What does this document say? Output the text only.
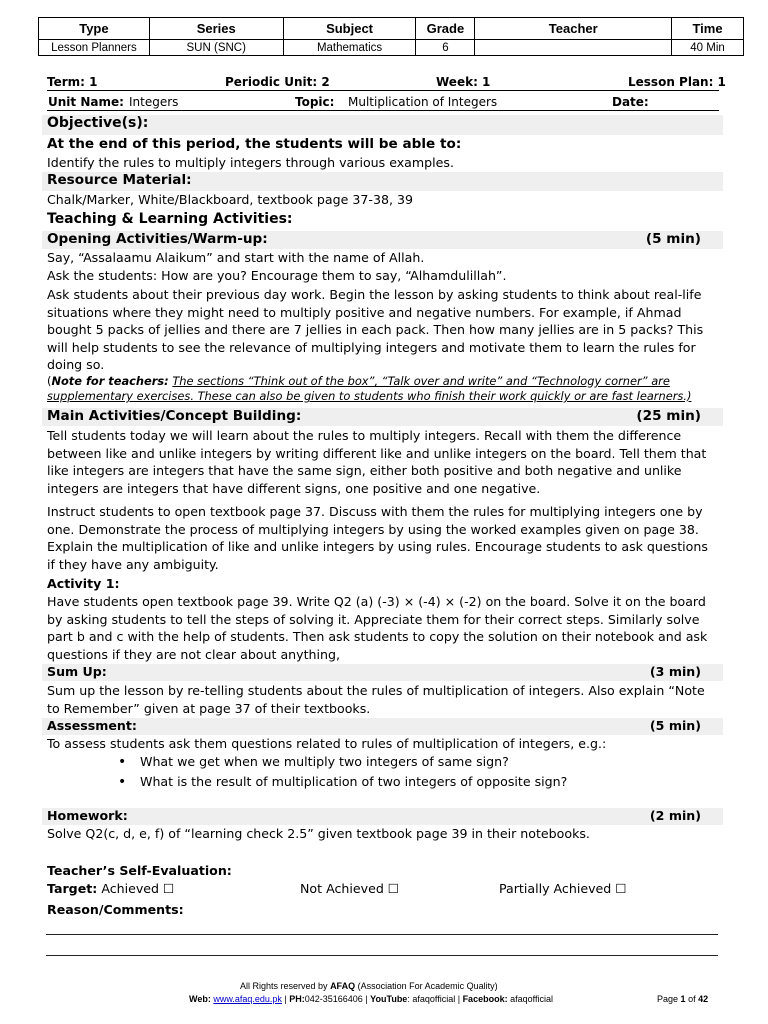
Type	Series	Subject	Grade	Teacher	Time
Lesson Planners	SUN (SNC)	Mathematics	6		40 Min
Term: 1	Periodic Unit: 2	Week: 1	Lesson Plan: 1
Unit Name: Integers	Topic: Multiplication of Integers	Date:
Objective(s):
At the end of this period, the students will be able to:
Identify the rules to multiply integers through various examples.
Resource Material:
Chalk/Marker, White/Blackboard, textbook page 37-38, 39
Teaching & Learning Activities:
Opening Activities/Warm-up:	(5 min)
Say, “Assalaamu Alaikum” and start with the name of Allah.
Ask the students: How are you? Encourage them to say, “Alhamdulillah”.
Ask students about their previous day work. Begin the lesson by asking students to think about real-life situations where they might need to multiply positive and negative numbers. For example, if Ahmad bought 5 packs of jellies and there are 7 jellies in each pack. Then how many jellies are in 5 packs? This will help students to see the relevance of multiplying integers and motivate them to learn the rules for doing so.
(Note for teachers: The sections “Think out of the box”, “Talk over and write” and “Technology corner” are supplementary exercises. These can also be given to students who finish their work quickly or are fast learners.)
Main Activities/Concept Building:	(25 min)
Tell students today we will learn about the rules to multiply integers. Recall with them the difference between like and unlike integers by writing different like and unlike integers on the board. Tell them that like integers are integers that have the same sign, either both positive and both negative and unlike integers are integers that have different signs, one positive and one negative.
Instruct students to open textbook page 37. Discuss with them the rules for multiplying integers one by one. Demonstrate the process of multiplying integers by using the worked examples given on page 38. Explain the multiplication of like and unlike integers by using rules. Encourage students to ask questions if they have any ambiguity.
Activity 1:
Have students open textbook page 39. Write Q2 (a) (-3) × (-4) × (-2) on the board. Solve it on the board by asking students to tell the steps of solving it. Appreciate them for their correct steps. Similarly solve part b and c with the help of students. Then ask students to copy the solution on their notebook and ask questions if they are not clear about anything,
Sum Up:	(3 min)
Sum up the lesson by re-telling students about the rules of multiplication of integers. Also explain “Note to Remember” given at page 37 of their textbooks.
Assessment:	(5 min)
To assess students ask them questions related to rules of multiplication of integers, e.g.:
• What we get when we multiply two integers of same sign?
• What is the result of multiplication of two integers of opposite sign?
Homework:	(2 min)
Solve Q2(c, d, e, f) of “learning check 2.5” given textbook page 39 in their notebooks.
Teacher’s Self-Evaluation:
Target: Achieved ☐	Not Achieved ☐	Partially Achieved ☐
Reason/Comments:
All Rights reserved by AFAQ (Association For Academic Quality)
Web: www.afaq.edu.pk | PH:042-35166406 | YouTube: afaqofficial | Facebook: afaqofficial	Page 1 of 42
